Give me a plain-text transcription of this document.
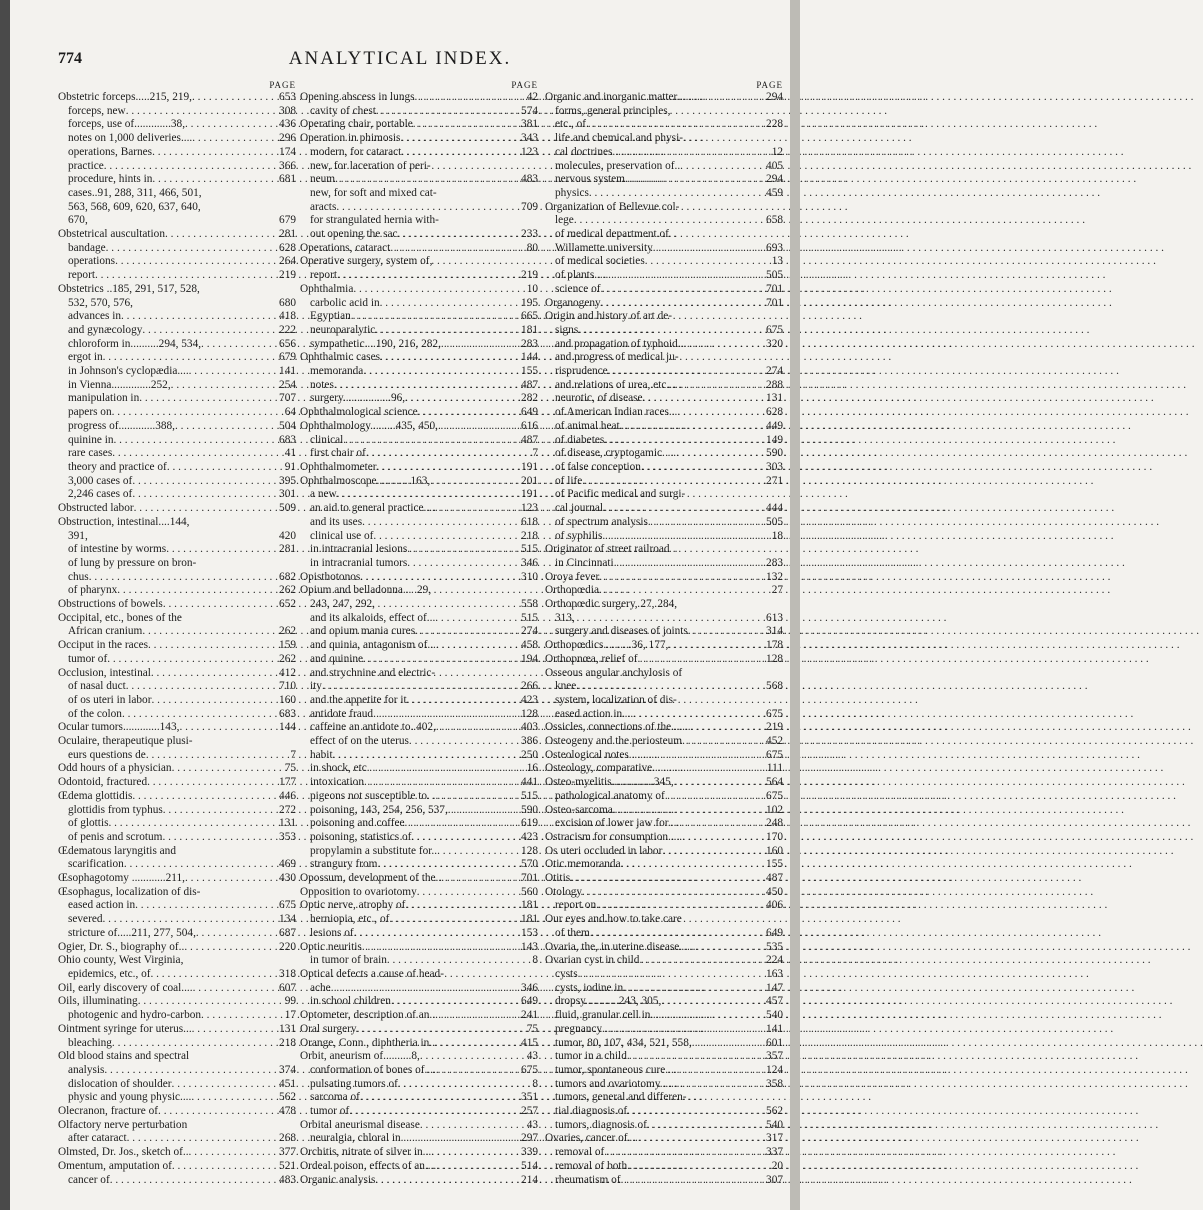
774	ANALYTICAL INDEX.
PAGE
Obstetric forceps.....215, 219, . . .	653
forceps, new . . .	308
forceps, use of.............38, . . .	436
notes on 1,000 deliveries.... . . .	296
operations, Barnes . . .	174
practice . . .	366
procedure, hints in . . .	681
cases..91, 288, 311, 466, 501,
563, 568, 609, 620, 637, 640,
670,	679
Obstetrical auscultation . . .	281
bandage . . .	628
operations . . .	264
report . . .	219
Obstetrics ..185, 291, 517, 528,
532, 570, 576,	680
advances in . . .	418
and gynæcology . . .	222
chloroform in..........294, 534, . . .	656
ergot in . . .	679
in Johnson's cyclopædia.... . . .	141
in Vienna..............252, . . .	254
manipulation in . . .	707
papers on . . .	64
progress of.............388, . . .	504
quinine in . . .	683
rare cases . . .	41
theory and practice of . . .	91
3,000 cases of . . .	395
2,246 cases of . . .	301
Obstructed labor . . .	509
Obstruction, intestinal....144,
391,	420
of intestine by worms . . .	281
of lung by pressure on bron-
chus . . .	682
of pharynx . . .	262
Obstructions of bowels . . .	652
Occipital, etc., bones of the
African cranium . . .	262
Occiput in the races . . .	159
tumor of . . .	262
Occlusion, intestinal . . .	412
of nasal duct . . .	710
of os uteri in labor . . .	160
of the colon . . .	683
Ocular tumors.............143, . . .	144
Oculaire, therapeutique plusi-
eurs questions de . . .	7
Odd hours of a physician . . .	75
Odontoid, fractured . . .	177
Œdema glottidis . . .	446
glottidis from typhus . . .	272
of glottis . . .	131
of penis and scrotum . . .	353
Œdematous laryngitis and
scarification . . .	469
Œsophagotomy ............211, . . .	430
Œsophagus, localization of dis-
eased action in . . .	675
severed . . .	134
stricture of.....211, 277, 504, . . .	687
Ogier, Dr. S., biography of.. . . .	220
Ohio county, West Virginia,
epidemics, etc., of . . .	318
Oil, early discovery of coal.... . . .	607
Oils, illuminating . . .	99
photogenic and hydro-carbon . . .	17
Ointment syringe for uterus... . . .	131
bleaching . . .	218
Old blood stains and spectral
analysis . . .	374
dislocation of shoulder . . .	451
physic and young physic.... . . .	562
Olecranon, fracture of . . .	478
Olfactory nerve perturbation
after cataract . . .	268
Olmsted, Dr. Jos., sketch of.. . . .	377
Omentum, amputation of . . .	521
cancer of . . .	483
PAGE
Opening abscess in lungs . . .	42
cavity of chest . . .	574
Operating chair, portable . . .	381
Operation in phimosis . . .	343
modern, for cataract . . .	123
new, for laceration of peri-
neum . . .	483
new, for soft and mixed cat-
aracts . . .	709
for strangulated hernia with-
out opening the sac . . .	233
Operations, cataract . . .	80
Operative surgery, system of,
report . . .	219
Ophthalmia . . .	10
carbolic acid in . . .	195
Egyptian . . .	665
neuroparalytic . . .	181
sympathetic....190, 216, 282, . . .	283
Ophthalmic cases . . .	144
memoranda . . .	155
notes . . .	487
surgery.................96, . . .	282
Ophthalmological science . . .	649
Ophthalmology.........435, 450, . . .	616
clinical . . .	487
first chair of . . .	7
Ophthalmometer . . .	191
Ophthalmoscope............163, . . .	201
a new . . .	191
an aid to general practice.... . . .	123
and its uses . . .	618
clinical use of . . .	218
in intracranial lesions . . .	515
in intracranial tumors . . .	346
Opisthotonos . . .	310
Opium and belladonna... .29,
243, 247, 292,	558
and its alkaloids, effect of... . . .	515
and opium mania cures . . .	274
and quinia, antagonism of... . . .	458
and quinine . . .	194
and strychnine and electric-
ity . . .	266
and the appetite for it . . .	423
antidote fraud . . .	128
caffeine an antidote to..402, . . .	403
effect of on the uterus . . .	386
habit . . .	250
in shock, etc . . .	16
intoxication . . .	441
pigeons not susceptible to. . . . .	515
poisoning, 143, 254, 256, 537, . . .	590
poisoning and coffee . . .	619
poisoning, statistics of . . .	423
propylamin a substitute for.. . . .	128
strangury from . . .	570
Opossum, development of the.. . . .	701
Opposition to ovariotomy . . .	560
Optic nerve, atrophy of . . .	181
herniopia, etc., of . . .	181
lesions of . . .	153
Optic neuritis . . .	143
in tumor of brain . . .	8
Optical defects a cause of head-
ache . . .	346
in school children . . .	649
Optometer, description of an.. . . .	241
Oral surgery . . .	75
Orange, Conn., diphtheria in.. . . .	415
Orbit, aneurism of..........8, . . .	43
conformation of bones of.... . . .	675
pulsating tumors of . . .	8
sarcoma of . . .	351
tumor of . . .	257
Orbital aneurismal disease . . .	43
neuralgia, chloral in . . .	297
Orchitis, nitrate of silver in... . . .	339
Ordeal poison, effects of an.... . . .	514
Organic analysis . . .	214
PAGE
Organic and inorganic matter.. . . .	294
forms, general principles,
etc., of . . .	228
life and chemical and physi-
cal doctrines . . .	12
molecules, preservation of.. . . .	405
nervous system . . .	294
physics . . .	459
Organization of Bellevue col-
lege . . .	658
of medical department of
Willamette university . . .	693
of medical societies . . .	13
of plants . . .	505
science of . . .	701
Organogeny . . .	701
Origin and history of art de-
signs . . .	675
and propagation of typhoid.. . . .	320
and progress of medical ju-
risprudence . . .	274
and relations of urea, etc... . . .	288
neurotic, of disease . . .	131
of American Indian races... . . .	628
of animal heat . . .	449
of diabetes . . .	149
of disease, cryptogamic. ... . . .	590
of false conception . . .	303
of life . . .	271
of Pacific medical and surgi-
cal journal . . .	444
of spectrum analysis . . .	505
of syphilis . . .	18
Originator of street railroad
in Cincinnati . . .	283
Oroya fever . . .	132
Orthopœdia . . .	27
Orthopœdic surgery, 27, 284,
313,	613
surgery and diseases of joints . . .	314
Orthopœdics..........36, 177, . . .	178
Orthopnœa, relief of . . .	128
Osseous angular anchylosis of
knee . . .	568
system, localization of dis-
eased action in . . .	675
Ossicles, connections of the... . . .	219
Osteogeny and the periosteum . . .	452
Osteological notes . . .	675
Osteology, comparative . . .	111
Osteo-myelitis...............345, . . .	564
pathological anatomy of . . .	675
Osteo-sarcoma . . .	102
excision of lower jaw for.... . . .	248
Ostracism for consumption..... . . .	170
Os uteri occluded in labor . . .	160
Otic memoranda . . .	155
Otitis . . .	487
Otology . . .	450
report on . . .	406
Our eyes and how to take care
of them . . .	649
Ovaria, the, in uterine disease . . .	535
Ovarian cyst in child . . .	224
cysts . . .	163
cysts, iodine in . . .	147
dropsy............243, 305, . . .	457
fluid, granular cell in . . .	540
pregnancy . . .	141
tumor, 80, 107, 434, 521, 558, . . .	601
tumor in a child . . .	357
tumor, spontaneous cure.... . . .	124
tumors and ovariotomy...... . . .	358
tumors, general and differen-
tial diagnosis of . . .	562
tumors, diagnosis of . . .	540
Ovaries, cancer of . . .	317
removal of . . .	337
removal of both . . .	20
rheumatism of . . .	307
